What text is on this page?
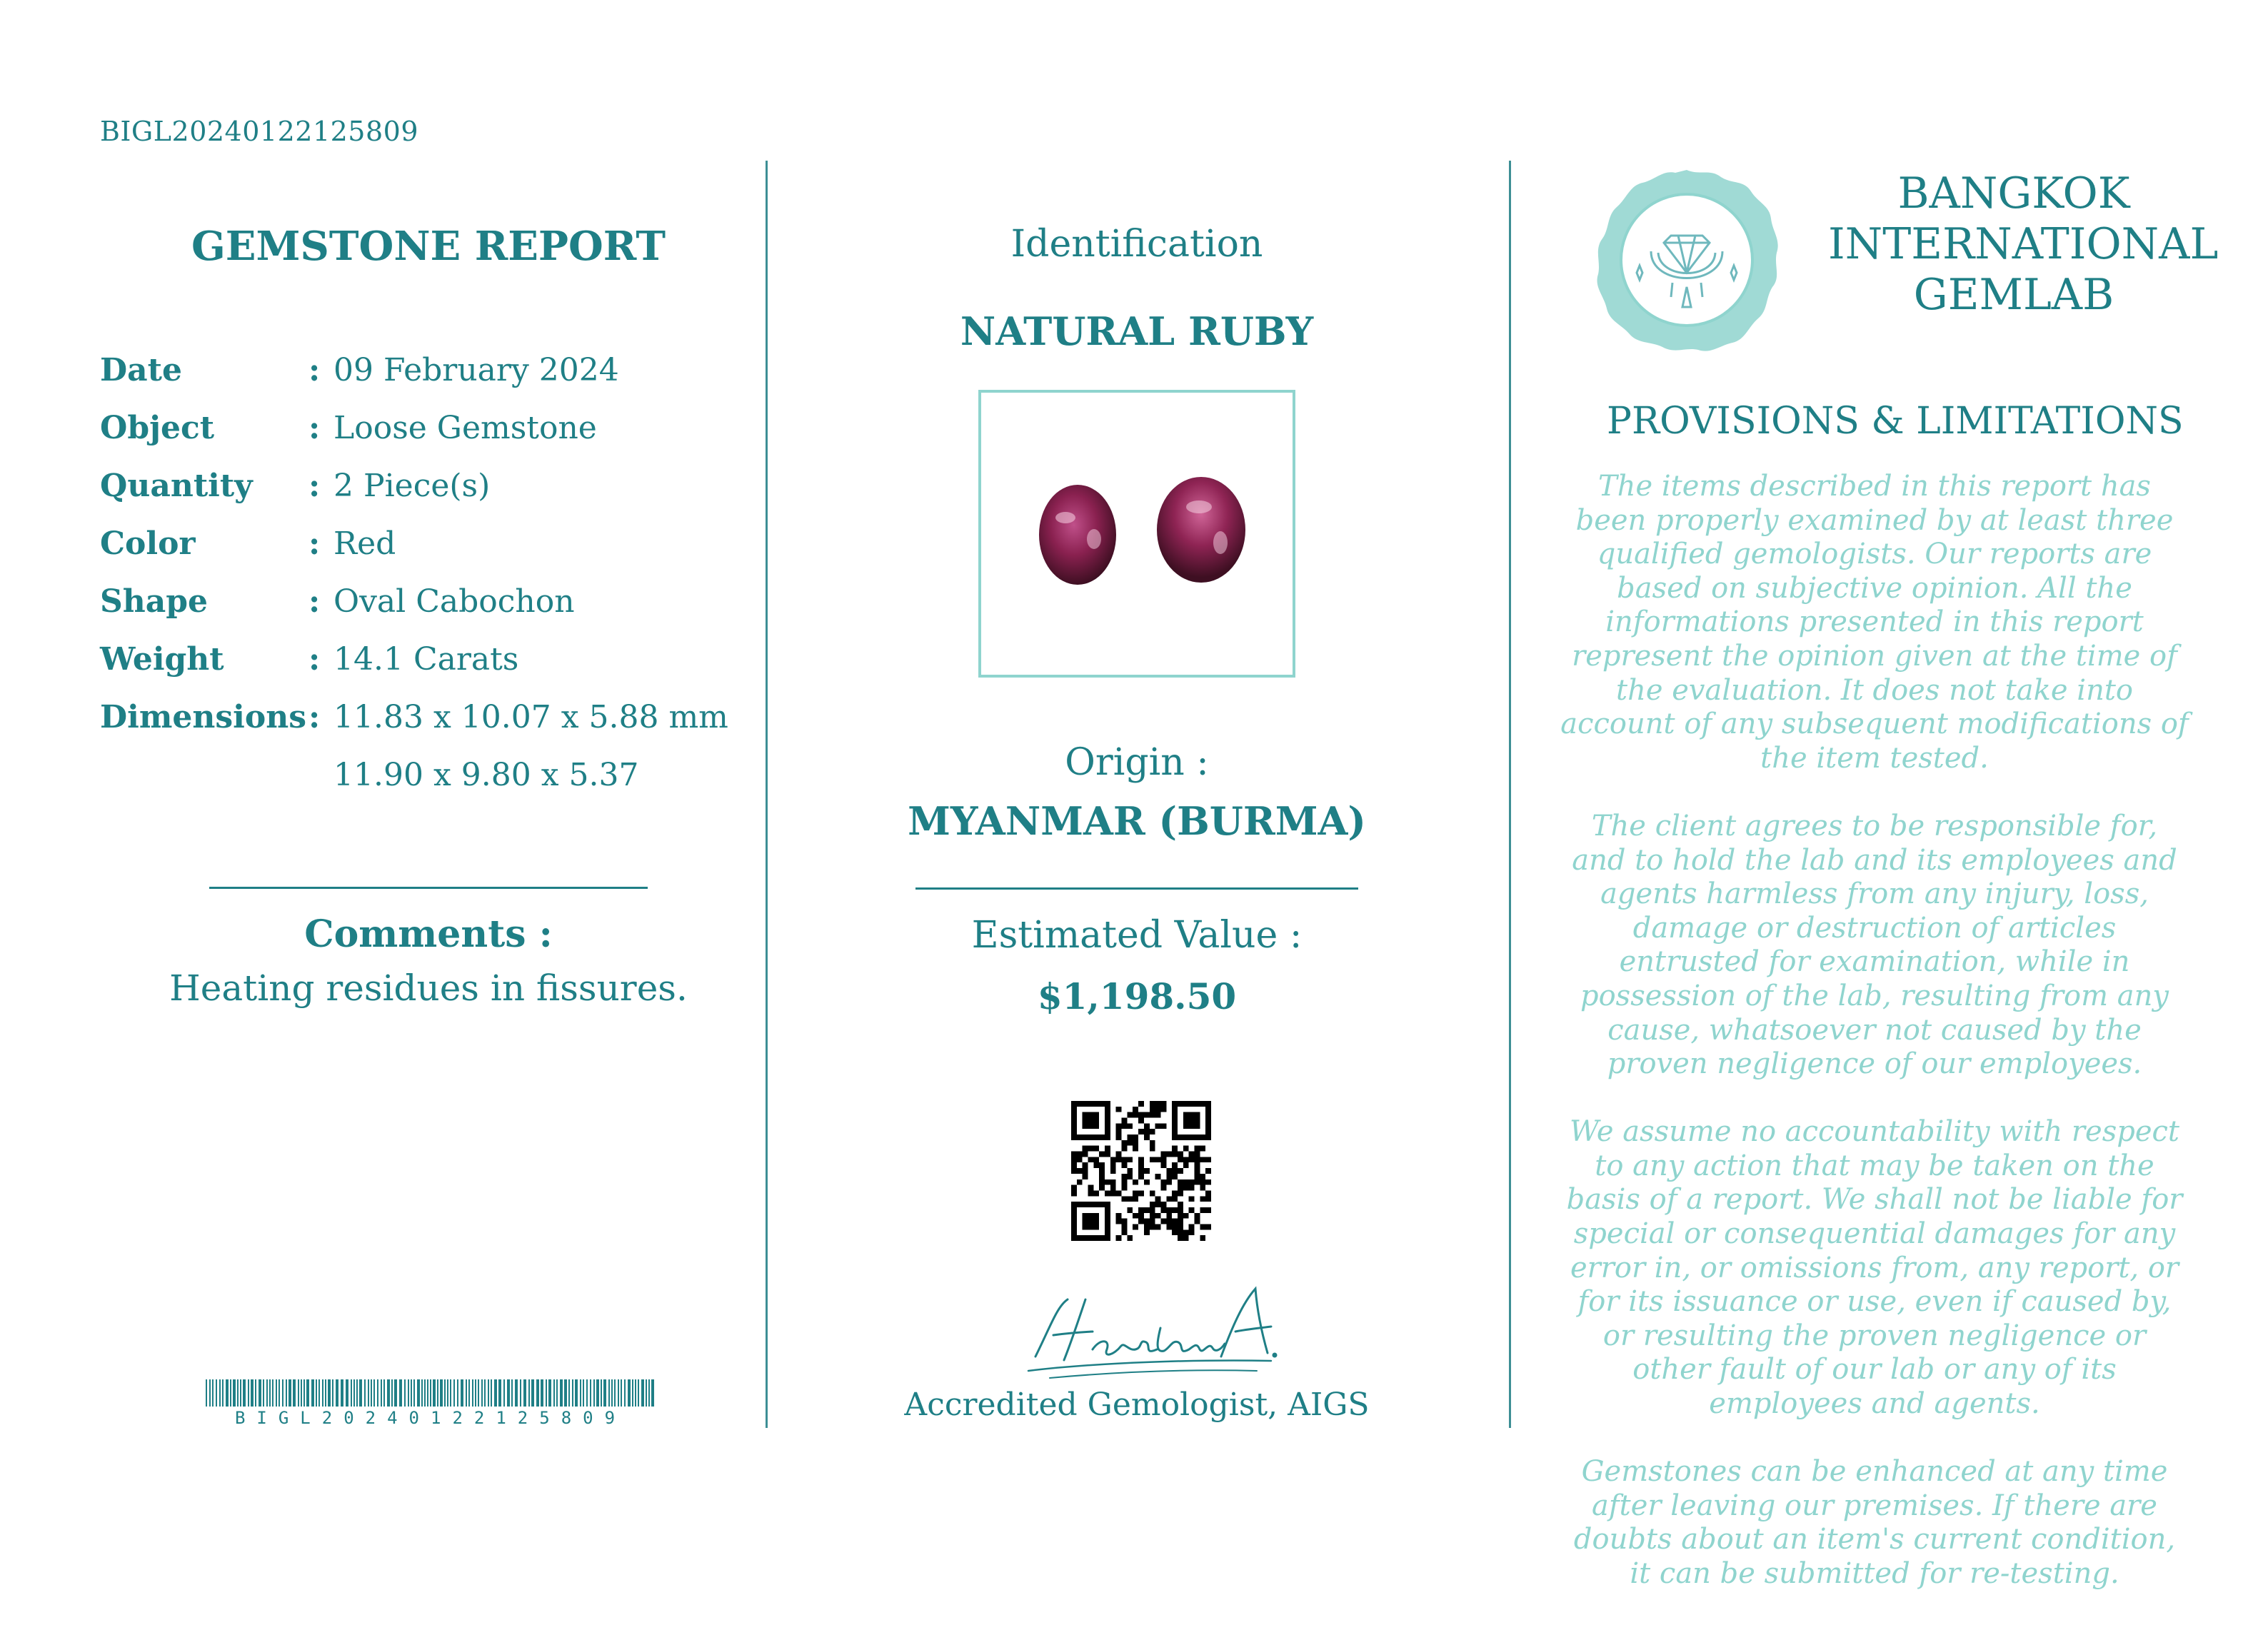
BIGL20240122125809
GEMSTONE REPORT
Date	: 09 February 2024
Object	: Loose Gemstone
Quantity	: 2 Piece(s)
Color	: Red
Shape	: Oval Cabochon
Weight	: 14.1 Carats
Dimensions : 11.83 x 10.07 x 5.88 mm
11.90 x 9.80 x 5.37
Comments :
Heating residues in fissures.
BIGL20240122125809
Identification
NATURAL RUBY
Origin :
MYANMAR (BURMA)
Estimated Value :
$1,198.50
Accredited Gemologist, AIGS
BANGKOK
INTERNATIONAL
GEMLAB
PROVISIONS & LIMITATIONS

The items described in this report has been properly examined by at least three qualified gemologists. Our reports are based on subjective opinion. All the informations presented in this report represent the opinion given at the time of the evaluation. It does not take into account of any subsequent modifications of the item tested.

The client agrees to be responsible for, and to hold the lab and its employees and agents harmless from any injury, loss, damage or destruction of articles entrusted for examination, while in possession of the lab, resulting from any cause, whatsoever not caused by the proven negligence of our employees.

We assume no accountability with respect to any action that may be taken on the basis of a report. We shall not be liable for special or consequential damages for any error in, or omissions from, any report, or for its issuance or use, even if caused by, or resulting the proven negligence or other fault of our lab or any of its employees and agents.

Gemstones can be enhanced at any time after leaving our premises. If there are doubts about an item's current condition, it can be submitted for re-testing.
